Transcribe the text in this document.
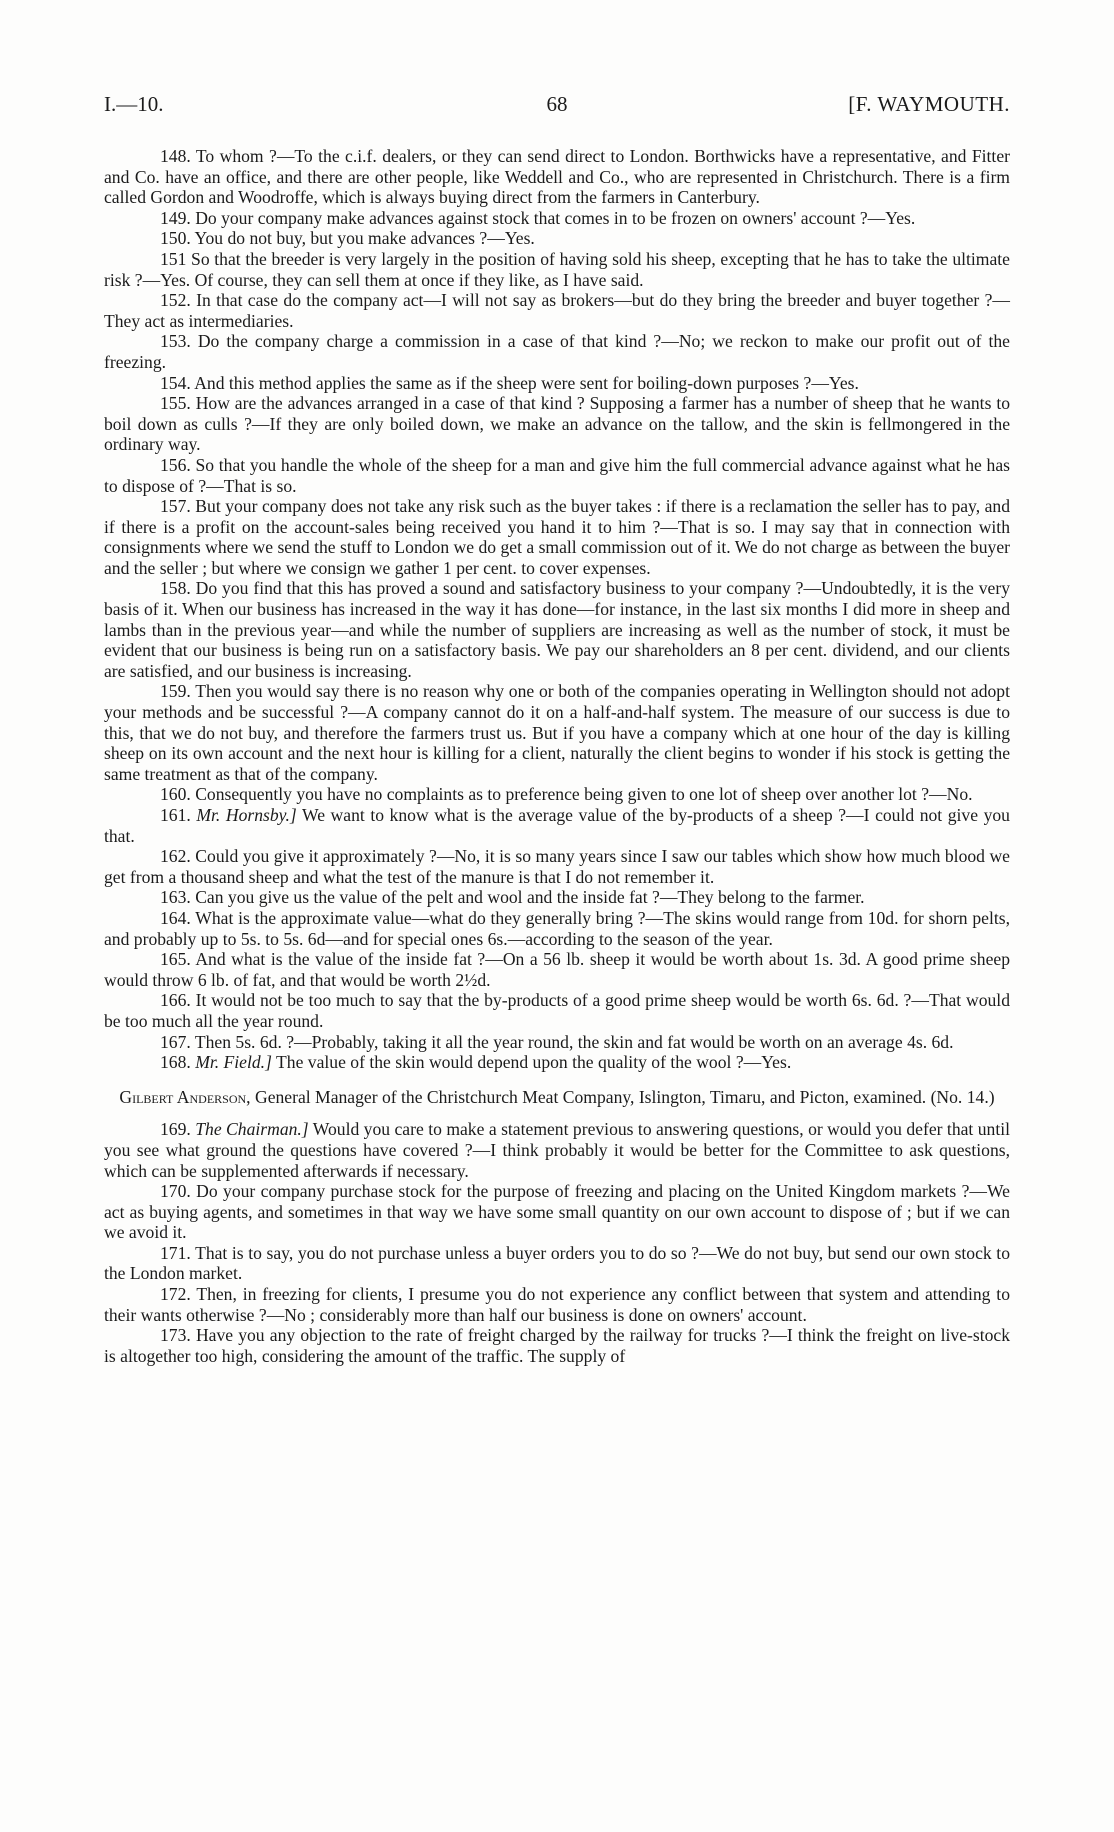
I.—10.	68	[F. WAYMOUTH.

148. To whom ?—To the c.i.f. dealers, or they can send direct to London. Borthwicks have a representative, and Fitter and Co. have an office, and there are other people, like Weddell and Co., who are represented in Christchurch. There is a firm called Gordon and Woodroffe, which is always buying direct from the farmers in Canterbury.

149. Do your company make advances against stock that comes in to be frozen on owners' account ?—Yes.

150. You do not buy, but you make advances ?—Yes.

151 So that the breeder is very largely in the position of having sold his sheep, excepting that he has to take the ultimate risk ?—Yes. Of course, they can sell them at once if they like, as I have said.

152. In that case do the company act—I will not say as brokers—but do they bring the breeder and buyer together ?—They act as intermediaries.

153. Do the company charge a commission in a case of that kind ?—No; we reckon to make our profit out of the freezing.

154. And this method applies the same as if the sheep were sent for boiling-down purposes ?—Yes.

155. How are the advances arranged in a case of that kind ? Supposing a farmer has a number of sheep that he wants to boil down as culls ?—If they are only boiled down, we make an advance on the tallow, and the skin is fellmongered in the ordinary way.

156. So that you handle the whole of the sheep for a man and give him the full commercial advance against what he has to dispose of ?—That is so.

157. But your company does not take any risk such as the buyer takes : if there is a reclamation the seller has to pay, and if there is a profit on the account-sales being received you hand it to him ?—That is so. I may say that in connection with consignments where we send the stuff to London we do get a small commission out of it. We do not charge as between the buyer and the seller ; but where we consign we gather 1 per cent. to cover expenses.

158. Do you find that this has proved a sound and satisfactory business to your company ?—Undoubtedly, it is the very basis of it. When our business has increased in the way it has done—for instance, in the last six months I did more in sheep and lambs than in the previous year—and while the number of suppliers are increasing as well as the number of stock, it must be evident that our business is being run on a satisfactory basis. We pay our shareholders an 8 per cent. dividend, and our clients are satisfied, and our business is increasing.

159. Then you would say there is no reason why one or both of the companies operating in Wellington should not adopt your methods and be successful ?—A company cannot do it on a half-and-half system. The measure of our success is due to this, that we do not buy, and therefore the farmers trust us. But if you have a company which at one hour of the day is killing sheep on its own account and the next hour is killing for a client, naturally the client begins to wonder if his stock is getting the same treatment as that of the company.

160. Consequently you have no complaints as to preference being given to one lot of sheep over another lot ?—No.

161. Mr. Hornsby.] We want to know what is the average value of the by-products of a sheep ?—I could not give you that.

162. Could you give it approximately ?—No, it is so many years since I saw our tables which show how much blood we get from a thousand sheep and what the test of the manure is that I do not remember it.

163. Can you give us the value of the pelt and wool and the inside fat ?—They belong to the farmer.

164. What is the approximate value—what do they generally bring ?—The skins would range from 10d. for shorn pelts, and probably up to 5s. to 5s. 6d—and for special ones 6s.—according to the season of the year.

165. And what is the value of the inside fat ?—On a 56 lb. sheep it would be worth about 1s. 3d. A good prime sheep would throw 6 lb. of fat, and that would be worth 2½d.

166. It would not be too much to say that the by-products of a good prime sheep would be worth 6s. 6d. ?—That would be too much all the year round.

167. Then 5s. 6d. ?—Probably, taking it all the year round, the skin and fat would be worth on an average 4s. 6d.

168. Mr. Field.] The value of the skin would depend upon the quality of the wool ?—Yes.

Gilbert Anderson, General Manager of the Christchurch Meat Company, Islington, Timaru, and Picton, examined. (No. 14.)

169. The Chairman.] Would you care to make a statement previous to answering questions, or would you defer that until you see what ground the questions have covered ?—I think probably it would be better for the Committee to ask questions, which can be supplemented afterwards if necessary.

170. Do your company purchase stock for the purpose of freezing and placing on the United Kingdom markets ?—We act as buying agents, and sometimes in that way we have some small quantity on our own account to dispose of ; but if we can we avoid it.

171. That is to say, you do not purchase unless a buyer orders you to do so ?—We do not buy, but send our own stock to the London market.

172. Then, in freezing for clients, I presume you do not experience any conflict between that system and attending to their wants otherwise ?—No ; considerably more than half our business is done on owners' account.

173. Have you any objection to the rate of freight charged by the railway for trucks ?—I think the freight on live-stock is altogether too high, considering the amount of the traffic. The supply of
